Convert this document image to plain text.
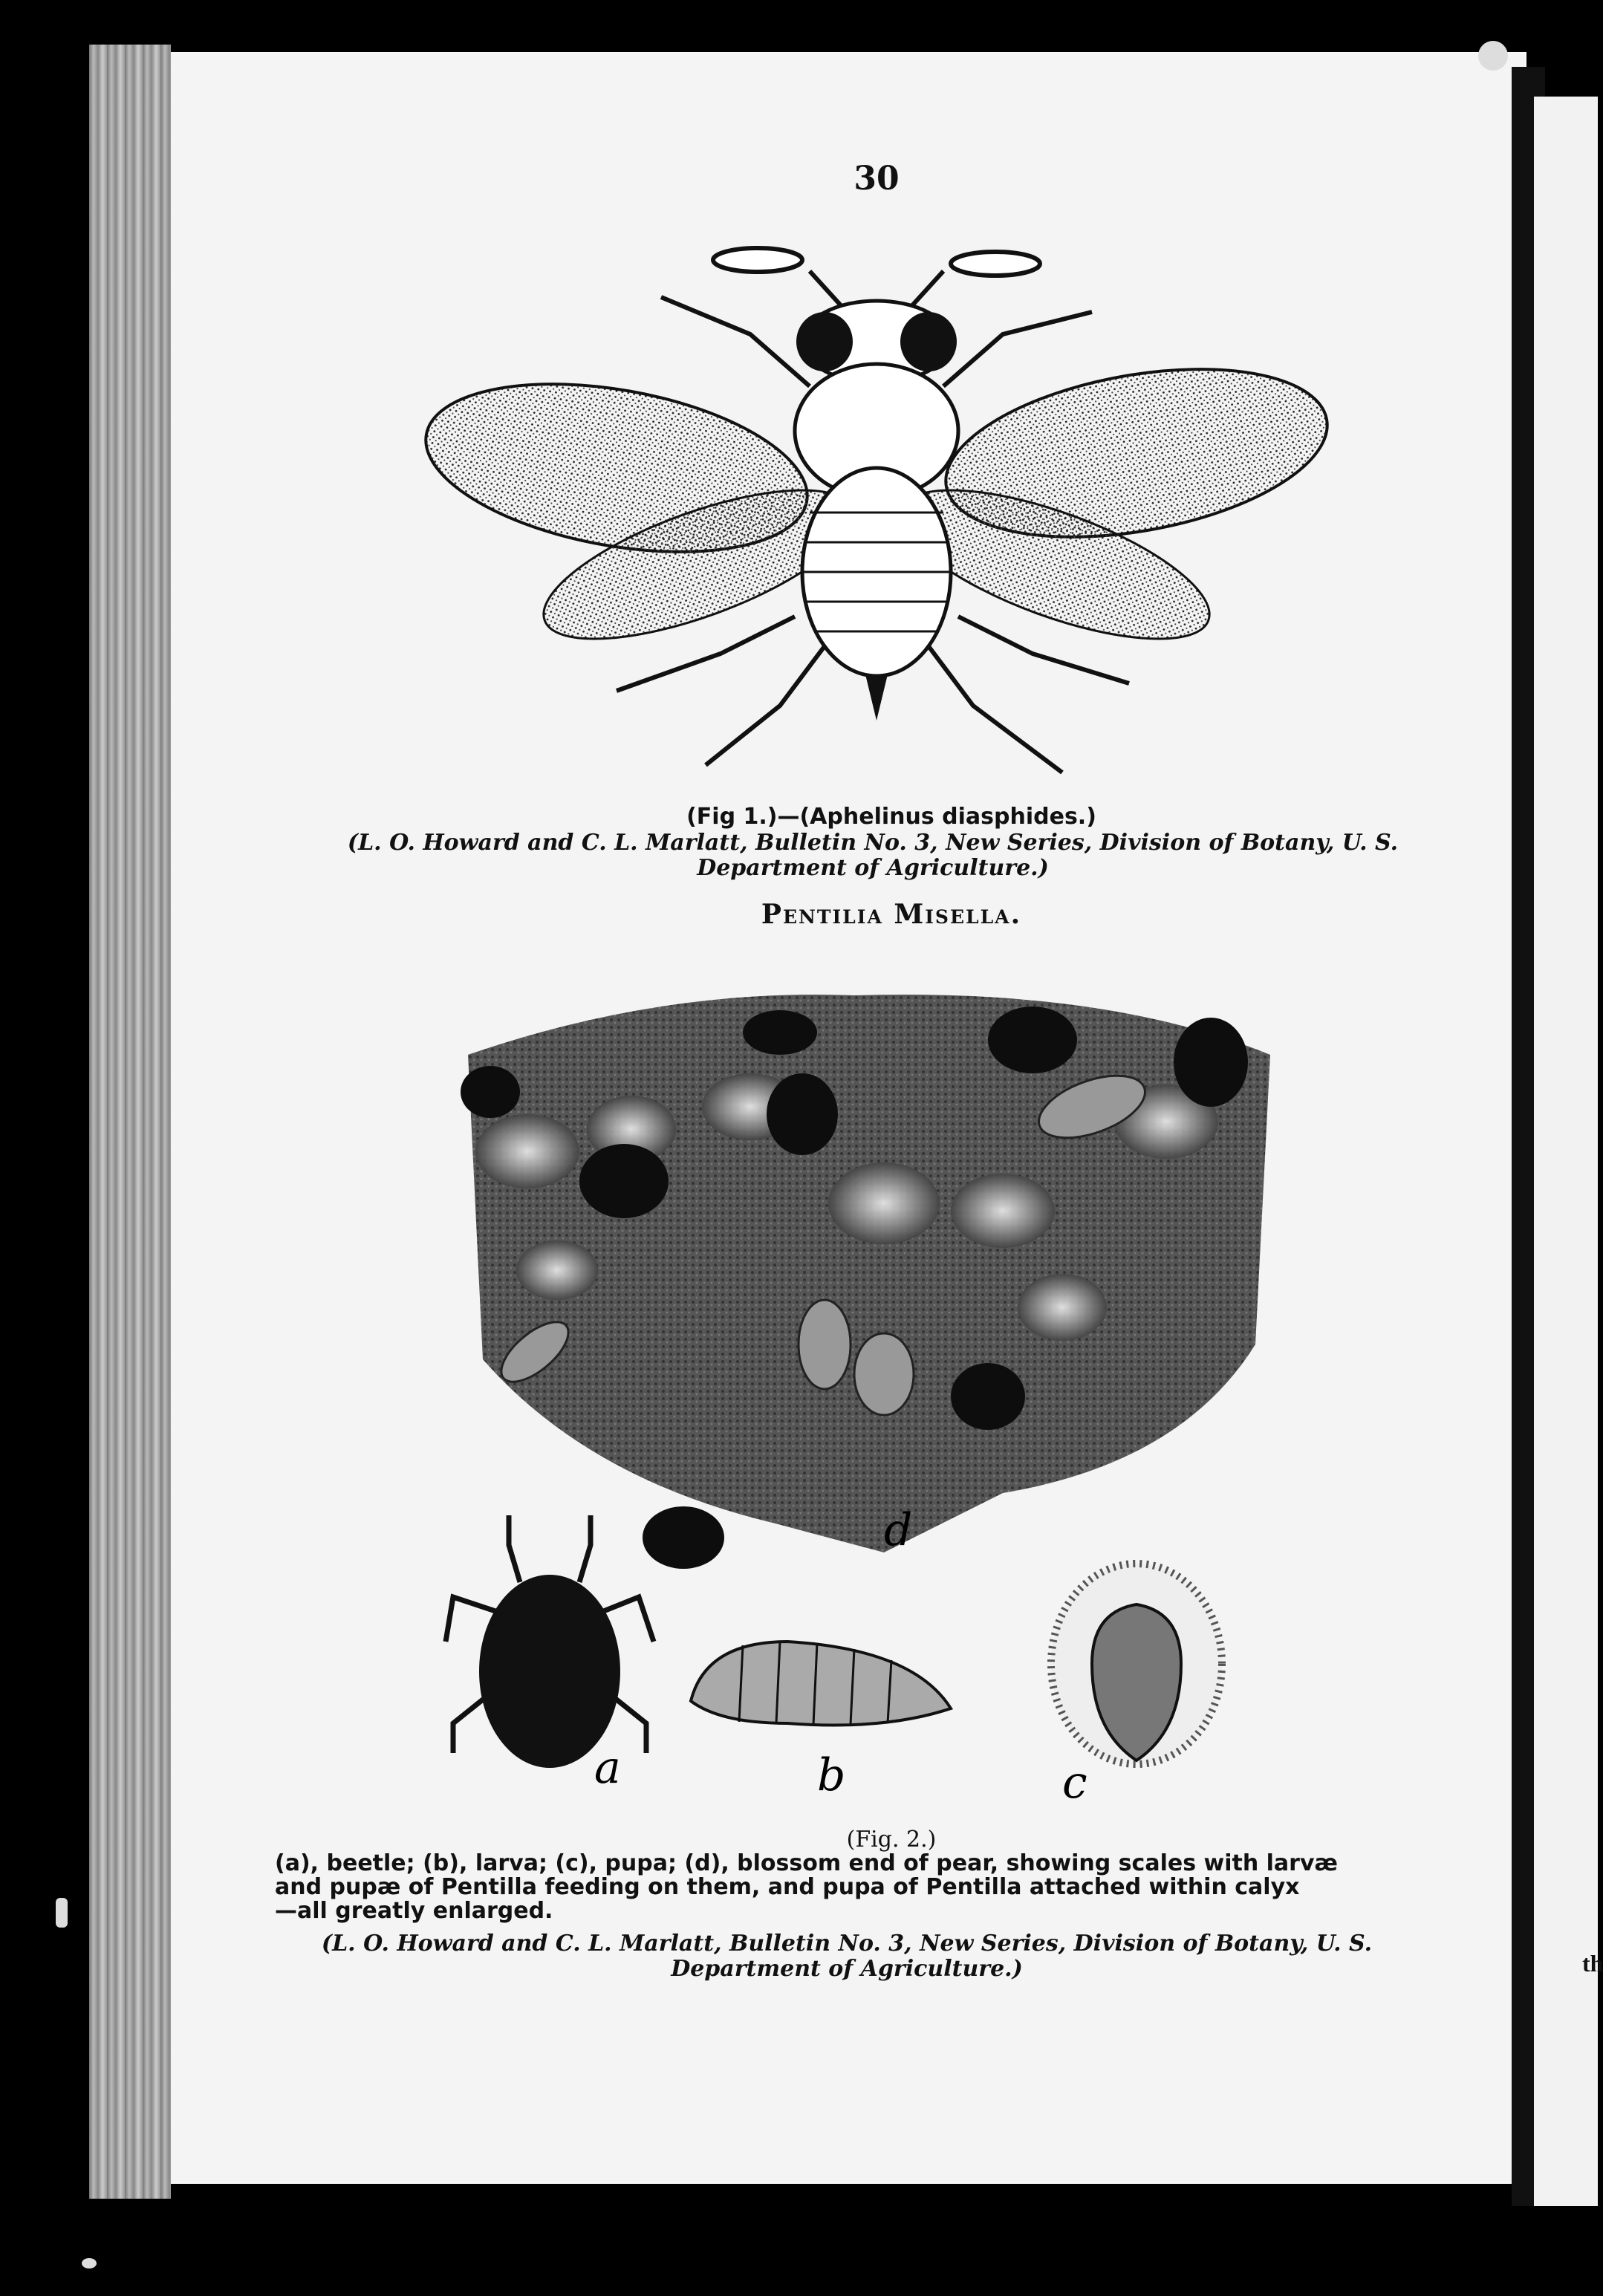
th
30
(Fig 1.)—(Aphelinus diasphides.)
(L. O. Howard and C. L. Marlatt, Bulletin No. 3, New Series, Division of Botany, U. S.
Department of Agriculture.)
Pentilia Misella.
d
a	b	c
(Fig. 2.)
(a), beetle; (b), larva; (c), pupa; (d), blossom end of pear, showing scales with larvæ
and pupæ of Pentilla feeding on them, and pupa of Pentilla attached within calyx
—all greatly enlarged.
(L. O. Howard and C. L. Marlatt, Bulletin No. 3, New Series, Division of Botany, U. S.
Department of Agriculture.)
